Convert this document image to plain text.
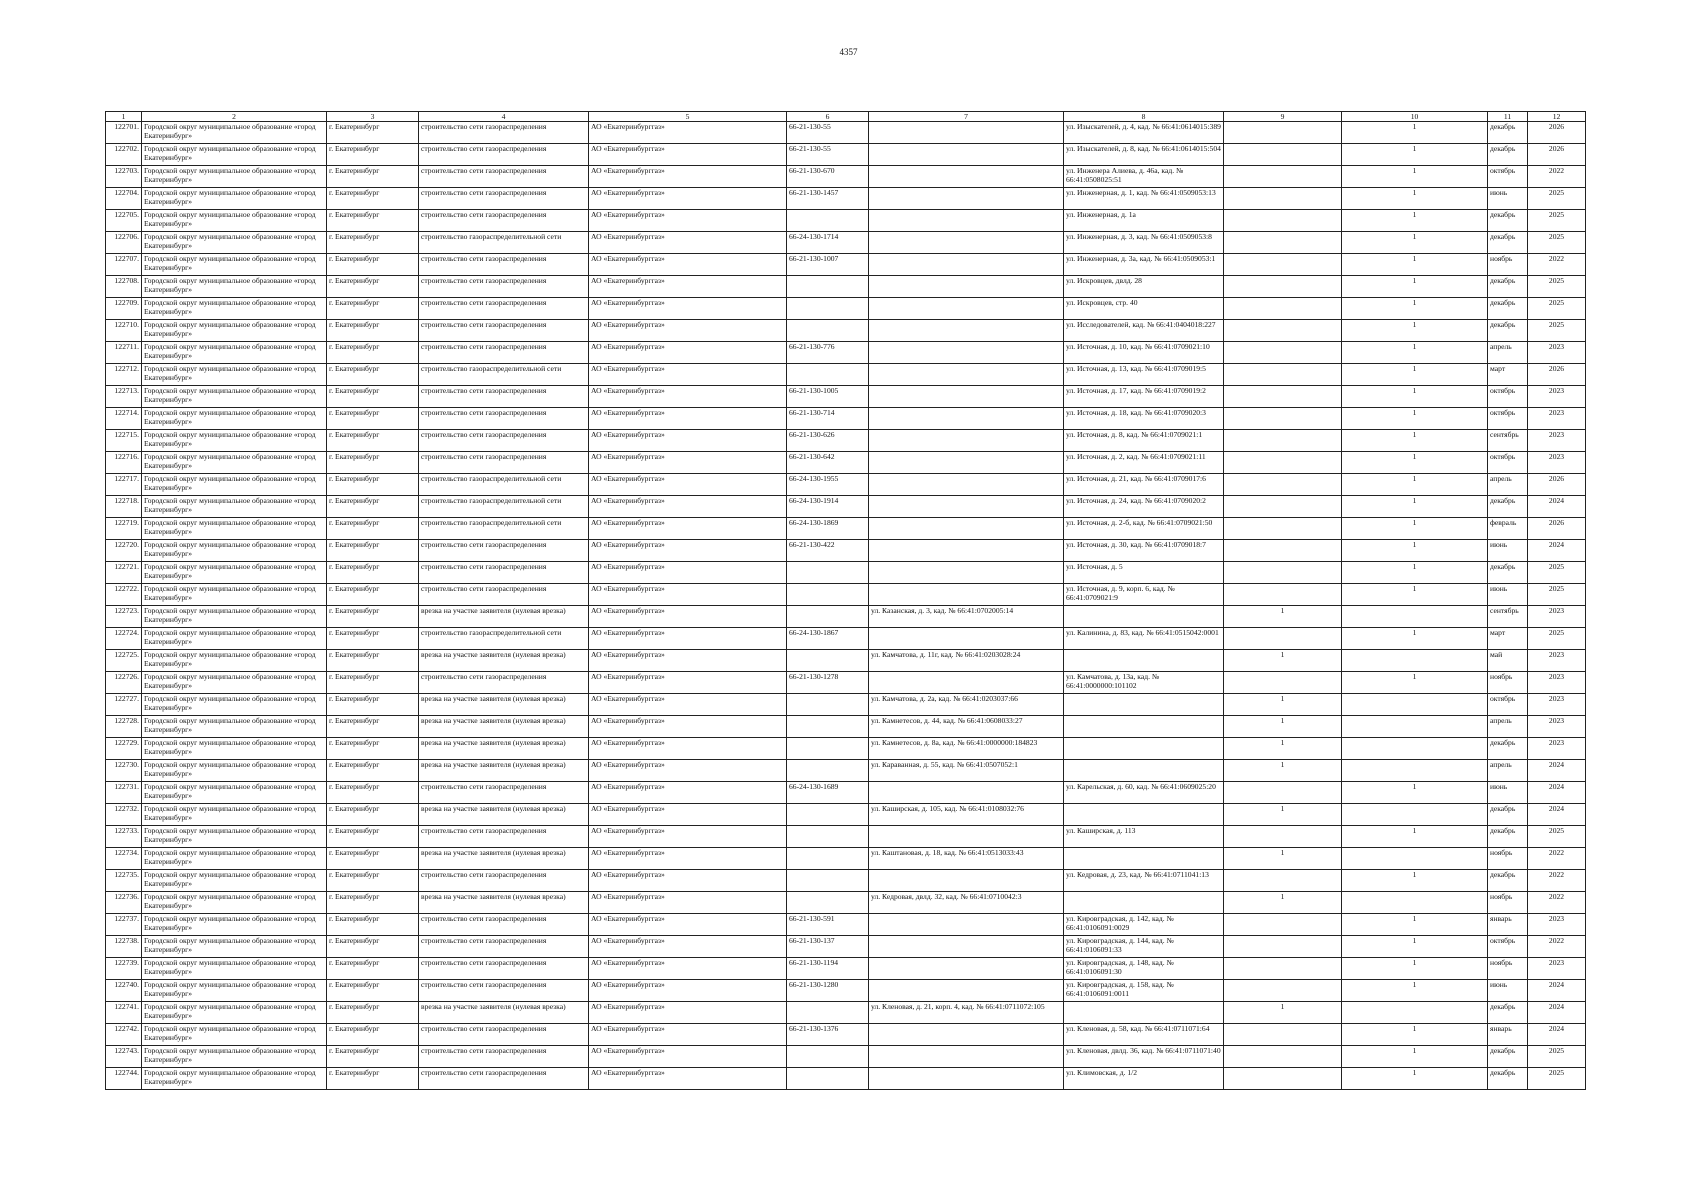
4357
1	2	3	4	5	6	7	8	9	10	11	12
122701.	Городской округ муниципальное образование «город Екатеринбург»	г. Екатеринбург	строительство сети газораспределения	АО «Екатеринбурггаз»	66-21-130-55		ул. Изыскателей, д. 4, кад. № 66:41:0614015:389		1	декабрь	2026
122702.	Городской округ муниципальное образование «город Екатеринбург»	г. Екатеринбург	строительство сети газораспределения	АО «Екатеринбурггаз»	66-21-130-55		ул. Изыскателей, д. 8, кад. № 66:41:0614015:504		1	декабрь	2026
122703.	Городской округ муниципальное образование «город Екатеринбург»	г. Екатеринбург	строительство сети газораспределения	АО «Екатеринбурггаз»	66-21-130-670		ул. Инженера Алиева, д. 46а, кад. № 66:41:0508025:51		1	октябрь	2022
122704.	Городской округ муниципальное образование «город Екатеринбург»	г. Екатеринбург	строительство сети газораспределения	АО «Екатеринбурггаз»	66-21-130-1457		ул. Инженерная, д. 1, кад. № 66:41:0509053:13		1	июнь	2025
122705.	Городской округ муниципальное образование «город Екатеринбург»	г. Екатеринбург	строительство сети газораспределения	АО «Екатеринбурггаз»			ул. Инженерная, д. 1а		1	декабрь	2025
122706.	Городской округ муниципальное образование «город Екатеринбург»	г. Екатеринбург	строительство газораспределительной сети	АО «Екатеринбурггаз»	66-24-130-1714		ул. Инженерная, д. 3, кад. № 66:41:0509053:8		1	декабрь	2025
122707.	Городской округ муниципальное образование «город Екатеринбург»	г. Екатеринбург	строительство сети газораспределения	АО «Екатеринбурггаз»	66-21-130-1007		ул. Инженерная, д. 3а, кад. № 66:41:0509053:1		1	ноябрь	2022
122708.	Городской округ муниципальное образование «город Екатеринбург»	г. Екатеринбург	строительство сети газораспределения	АО «Екатеринбурггаз»			ул. Искровцев, двлд. 28		1	декабрь	2025
122709.	Городской округ муниципальное образование «город Екатеринбург»	г. Екатеринбург	строительство сети газораспределения	АО «Екатеринбурггаз»			ул. Искровцев, стр. 40		1	декабрь	2025
122710.	Городской округ муниципальное образование «город Екатеринбург»	г. Екатеринбург	строительство сети газораспределения	АО «Екатеринбурггаз»			ул. Исследователей, кад. № 66:41:0404018:227		1	декабрь	2025
122711.	Городской округ муниципальное образование «город Екатеринбург»	г. Екатеринбург	строительство сети газораспределения	АО «Екатеринбурггаз»	66-21-130-776		ул. Источная, д. 10, кад. № 66:41:0709021:10		1	апрель	2023
122712.	Городской округ муниципальное образование «город Екатеринбург»	г. Екатеринбург	строительство газораспределительной сети	АО «Екатеринбурггаз»			ул. Источная, д. 13, кад. № 66:41:0709019:5		1	март	2026
122713.	Городской округ муниципальное образование «город Екатеринбург»	г. Екатеринбург	строительство сети газораспределения	АО «Екатеринбурггаз»	66-21-130-1005		ул. Источная, д. 17, кад. № 66:41:0709019:2		1	октябрь	2023
122714.	Городской округ муниципальное образование «город Екатеринбург»	г. Екатеринбург	строительство сети газораспределения	АО «Екатеринбурггаз»	66-21-130-714		ул. Источная, д. 18, кад. № 66:41:0709020:3		1	октябрь	2023
122715.	Городской округ муниципальное образование «город Екатеринбург»	г. Екатеринбург	строительство сети газораспределения	АО «Екатеринбурггаз»	66-21-130-626		ул. Источная, д. 8, кад. № 66:41:0709021:1		1	сентябрь	2023
122716.	Городской округ муниципальное образование «город Екатеринбург»	г. Екатеринбург	строительство сети газораспределения	АО «Екатеринбурггаз»	66-21-130-642		ул. Источная, д. 2, кад. № 66:41:0709021:11		1	октябрь	2023
122717.	Городской округ муниципальное образование «город Екатеринбург»	г. Екатеринбург	строительство газораспределительной сети	АО «Екатеринбурггаз»	66-24-130-1955		ул. Источная, д. 21, кад. № 66:41:0709017:6		1	апрель	2026
122718.	Городской округ муниципальное образование «город Екатеринбург»	г. Екатеринбург	строительство газораспределительной сети	АО «Екатеринбурггаз»	66-24-130-1914		ул. Источная, д. 24, кад. № 66:41:0709020:2		1	декабрь	2024
122719.	Городской округ муниципальное образование «город Екатеринбург»	г. Екатеринбург	строительство газораспределительной сети	АО «Екатеринбурггаз»	66-24-130-1869		ул. Источная, д. 2-б, кад. № 66:41:0709021:50		1	февраль	2026
122720.	Городской округ муниципальное образование «город Екатеринбург»	г. Екатеринбург	строительство сети газораспределения	АО «Екатеринбурггаз»	66-21-130-422		ул. Источная, д. 30, кад. № 66:41:0709018:7		1	июнь	2024
122721.	Городской округ муниципальное образование «город Екатеринбург»	г. Екатеринбург	строительство сети газораспределения	АО «Екатеринбурггаз»			ул. Источная, д. 5		1	декабрь	2025
122722.	Городской округ муниципальное образование «город Екатеринбург»	г. Екатеринбург	строительство сети газораспределения	АО «Екатеринбурггаз»			ул. Источная, д. 9, корп. 6, кад. № 66:41:0709021:9		1	июнь	2025
122723.	Городской округ муниципальное образование «город Екатеринбург»	г. Екатеринбург	врезка на участке заявителя (нулевая врезка)	АО «Екатеринбурггаз»		ул. Казанская, д. 3, кад. № 66:41:0702005:14		1		сентябрь	2023
122724.	Городской округ муниципальное образование «город Екатеринбург»	г. Екатеринбург	строительство газораспределительной сети	АО «Екатеринбурггаз»	66-24-130-1867		ул. Калинина, д. 83, кад. № 66:41:0515042:0001		1	март	2025
122725.	Городской округ муниципальное образование «город Екатеринбург»	г. Екатеринбург	врезка на участке заявителя (нулевая врезка)	АО «Екатеринбурггаз»		ул. Камчатова, д. 11г, кад. № 66:41:0203028:24		1		май	2023
122726.	Городской округ муниципальное образование «город Екатеринбург»	г. Екатеринбург	строительство сети газораспределения	АО «Екатеринбурггаз»	66-21-130-1278		ул. Камчатова, д. 13а, кад. № 66:41:0000000:101102		1	ноябрь	2023
122727.	Городской округ муниципальное образование «город Екатеринбург»	г. Екатеринбург	врезка на участке заявителя (нулевая врезка)	АО «Екатеринбурггаз»		ул. Камчатова, д. 2а, кад. № 66:41:0203037:66		1		октябрь	2023
122728.	Городской округ муниципальное образование «город Екатеринбург»	г. Екатеринбург	врезка на участке заявителя (нулевая врезка)	АО «Екатеринбурггаз»		ул. Камнетесов, д. 44, кад. № 66:41:0608033:27		1		апрель	2023
122729.	Городской округ муниципальное образование «город Екатеринбург»	г. Екатеринбург	врезка на участке заявителя (нулевая врезка)	АО «Екатеринбурггаз»		ул. Камнетесов, д. 8а, кад. № 66:41:0000000:184823		1		декабрь	2023
122730.	Городской округ муниципальное образование «город Екатеринбург»	г. Екатеринбург	врезка на участке заявителя (нулевая врезка)	АО «Екатеринбурггаз»		ул. Караванная, д. 55, кад. № 66:41:0507052:1		1		апрель	2024
122731.	Городской округ муниципальное образование «город Екатеринбург»	г. Екатеринбург	строительство сети газораспределения	АО «Екатеринбурггаз»	66-24-130-1689		ул. Карельская, д. 60, кад. № 66:41:0609025:20		1	июнь	2024
122732.	Городской округ муниципальное образование «город Екатеринбург»	г. Екатеринбург	врезка на участке заявителя (нулевая врезка)	АО «Екатеринбурггаз»		ул. Каширская, д. 105, кад. № 66:41:0108032:76		1		декабрь	2024
122733.	Городской округ муниципальное образование «город Екатеринбург»	г. Екатеринбург	строительство сети газораспределения	АО «Екатеринбурггаз»			ул. Каширская, д. 113		1	декабрь	2025
122734.	Городской округ муниципальное образование «город Екатеринбург»	г. Екатеринбург	врезка на участке заявителя (нулевая врезка)	АО «Екатеринбурггаз»		ул. Каштановая, д. 18, кад. № 66:41:0513033:43		1		ноябрь	2022
122735.	Городской округ муниципальное образование «город Екатеринбург»	г. Екатеринбург	строительство сети газораспределения	АО «Екатеринбурггаз»			ул. Кедровая, д. 23, кад. № 66:41:0711041:13		1	декабрь	2022
122736.	Городской округ муниципальное образование «город Екатеринбург»	г. Екатеринбург	врезка на участке заявителя (нулевая врезка)	АО «Екатеринбурггаз»		ул. Кедровая, двлд. 32, кад. № 66:41:0710042:3		1		ноябрь	2022
122737.	Городской округ муниципальное образование «город Екатеринбург»	г. Екатеринбург	строительство сети газораспределения	АО «Екатеринбурггаз»	66-21-130-591		ул. Кировградская, д. 142, кад. № 66:41:0106091:0029		1	январь	2023
122738.	Городской округ муниципальное образование «город Екатеринбург»	г. Екатеринбург	строительство сети газораспределения	АО «Екатеринбурггаз»	66-21-130-137		ул. Кировградская, д. 144, кад. № 66:41:0106091:33		1	октябрь	2022
122739.	Городской округ муниципальное образование «город Екатеринбург»	г. Екатеринбург	строительство сети газораспределения	АО «Екатеринбурггаз»	66-21-130-1194		ул. Кировградская, д. 148, кад. № 66:41:0106091:30		1	ноябрь	2023
122740.	Городской округ муниципальное образование «город Екатеринбург»	г. Екатеринбург	строительство сети газораспределения	АО «Екатеринбурггаз»	66-21-130-1280		ул. Кировградская, д. 158, кад. № 66:41:0106091:0011		1	июнь	2024
122741.	Городской округ муниципальное образование «город Екатеринбург»	г. Екатеринбург	врезка на участке заявителя (нулевая врезка)	АО «Екатеринбурггаз»		ул. Кленовая, д. 21, корп. 4, кад. № 66:41:0711072:105		1		декабрь	2024
122742.	Городской округ муниципальное образование «город Екатеринбург»	г. Екатеринбург	строительство сети газораспределения	АО «Екатеринбурггаз»	66-21-130-1376		ул. Кленовая, д. 58, кад. № 66:41:0711071:64		1	январь	2024
122743.	Городской округ муниципальное образование «город Екатеринбург»	г. Екатеринбург	строительство сети газораспределения	АО «Екатеринбурггаз»			ул. Кленовая, двлд. 36, кад. № 66:41:0711071:40		1	декабрь	2025
122744.	Городской округ муниципальное образование «город Екатеринбург»	г. Екатеринбург	строительство сети газораспределения	АО «Екатеринбурггаз»			ул. Климовская, д. 1/2		1	декабрь	2025
